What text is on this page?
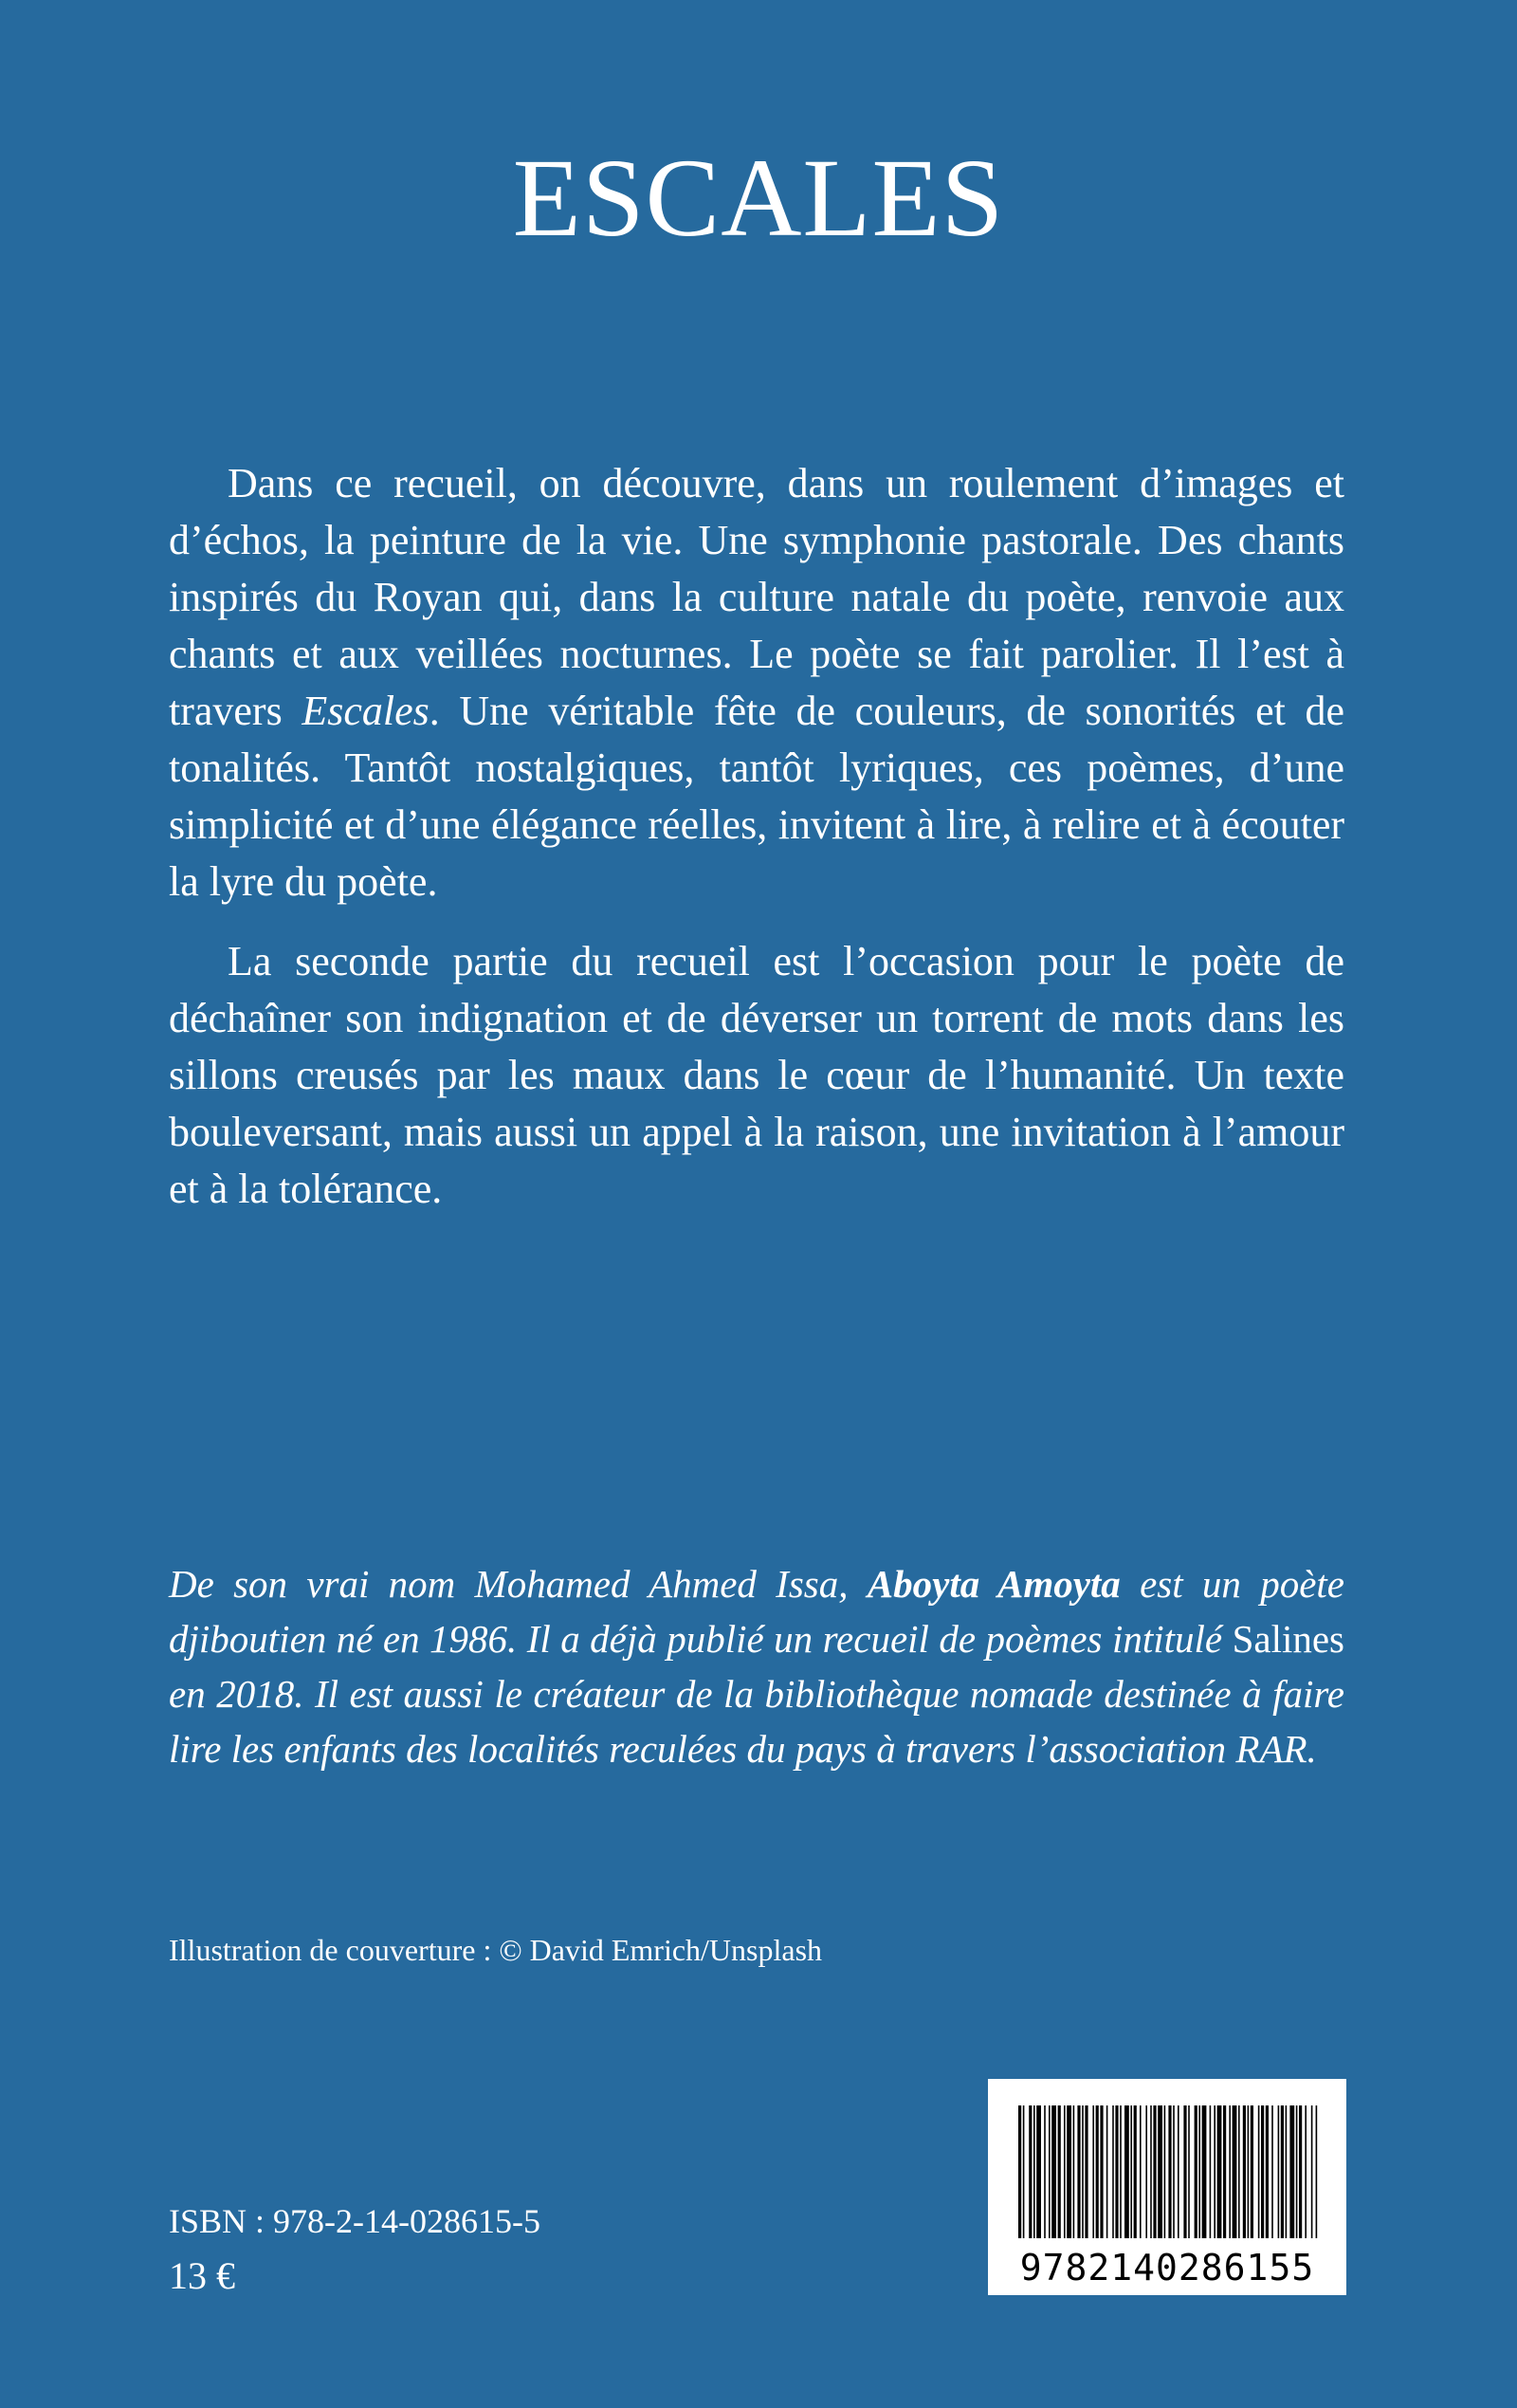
ESCALES

Dans ce recueil, on découvre, dans un roulement d’images et d’échos, la peinture de la vie. Une symphonie pastorale. Des chants inspirés du Royan qui, dans la culture natale du poète, renvoie aux chants et aux veillées nocturnes. Le poète se fait parolier. Il l’est à travers Escales. Une véritable fête de couleurs, de sonorités et de tonalités. Tantôt nostalgiques, tantôt lyriques, ces poèmes, d’une simplicité et d’une élégance réelles, invitent à lire, à relire et à écouter la lyre du poète.

La seconde partie du recueil est l’occasion pour le poète de déchaîner son indignation et de déverser un torrent de mots dans les sillons creusés par les maux dans le cœur de l’humanité. Un texte bouleversant, mais aussi un appel à la raison, une invitation à l’amour et à la tolérance.

De son vrai nom Mohamed Ahmed Issa, Aboyta Amoyta est un poète djiboutien né en 1986. Il a déjà publié un recueil de poèmes intitulé Salines en 2018. Il est aussi le créateur de la bibliothèque nomade destinée à faire lire les enfants des localités reculées du pays à travers l’association RAR.

Illustration de couverture : © David Emrich/Unsplash

ISBN : 978-2-14-028615-5

13 €	9782140286155
